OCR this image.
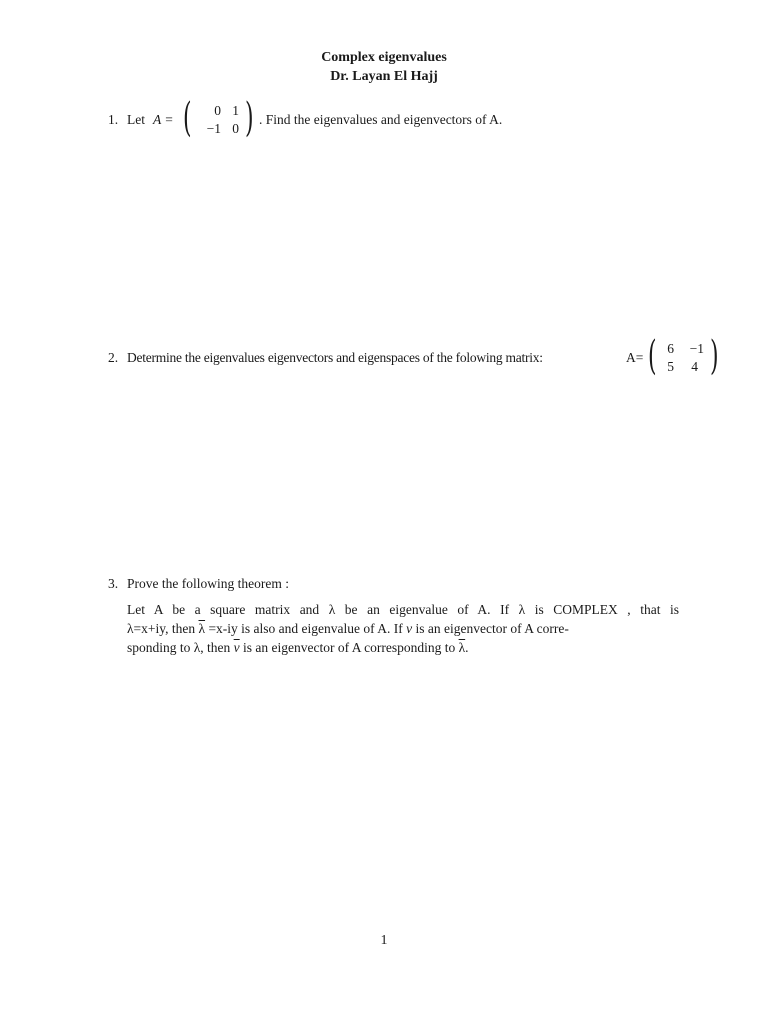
Complex eigenvalues
Dr. Layan El Hajj
1. Let A = (	0 1
−1 0 ) . Find the eigenvalues and eigenvectors of A.
2. Determine the eigenvalues eigenvectors and eigenspaces of the folowing matrix:	A= ( 6	−1
5	4 )
3. Prove the following theorem :
Let A be a square matrix and λ be an eigenvalue of A. If λ is COMPLEX , that is
λ=x+iy, then $\overline{\lambda} =x-iy$ is also and eigenvalue of A. If v is an eigenvector of A corre-
sponding to λ, then $\overline{v}$ is an eigenvector of A corresponding to $\overline{\lambda}$.
1
